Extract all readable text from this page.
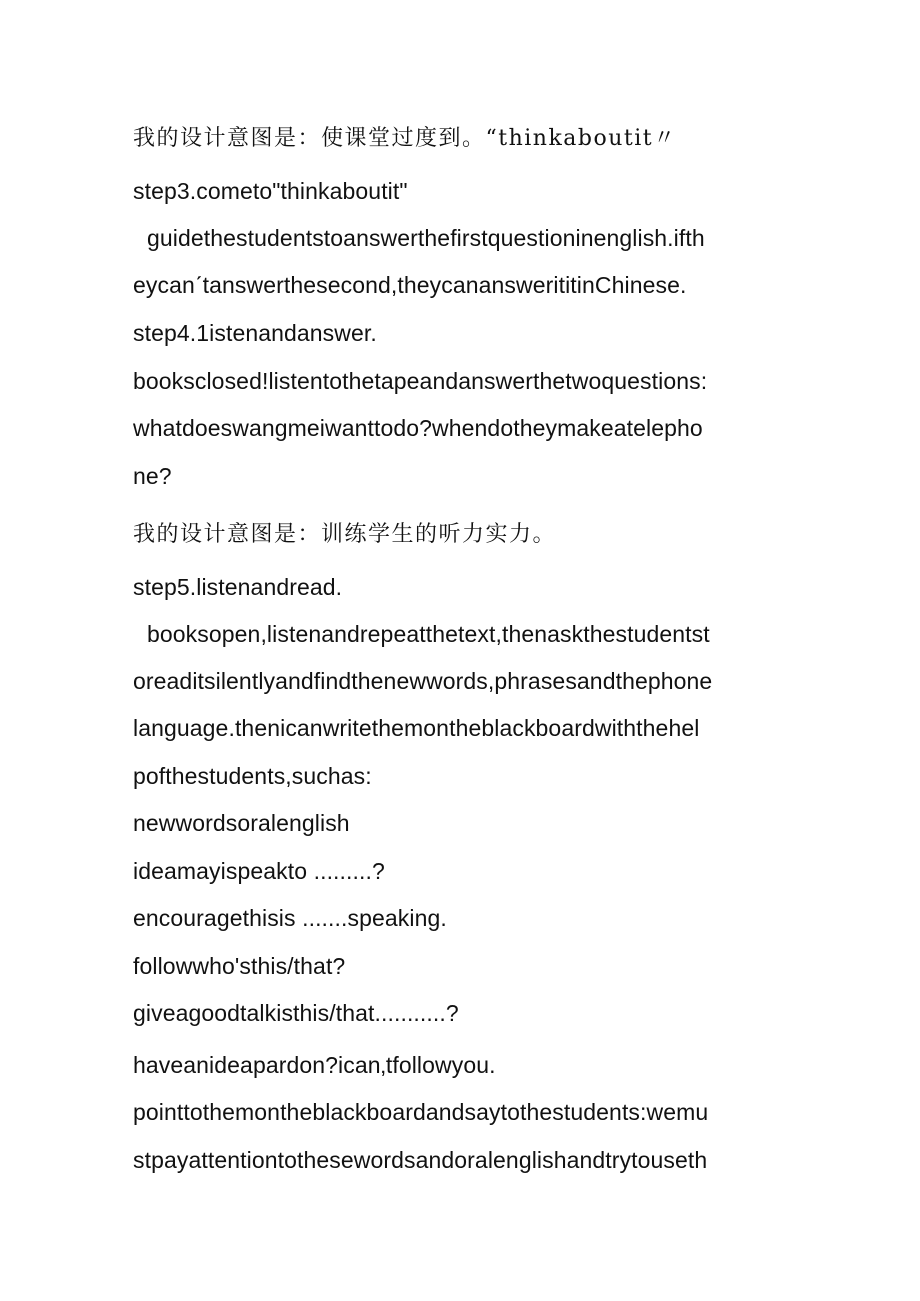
我的设计意图是：使课堂过度到。“thinkaboutit〃
step3.cometo"thinkaboutit"
guidethestudentstoanswerthefirstquestioninenglish.ifth
eycanˊtanswerthesecond,theycananswerititinChinese.
step4.1istenandanswer.
booksclosed!listentothetapeandanswerthetwoquestions:
whatdoeswangmeiwanttodo?whendotheymakeatelepho
ne?
我的设计意图是：训练学生的听力实力。
step5.listenandread.
booksopen,listenandrepeatthetext,thenaskthestudentst
oreaditsilentlyandfindthenewwords,phrasesandthephone
language.thenicanwritethemontheblackboardwiththehel
pofthestudents,suchas:
newwordsoralenglish
ideamayispeakto .........?
encouragethisis .......speaking.
followwho'sthis/that?
giveagoodtalkisthis/that...........?
haveanideapardon?ican‚tfollowyou.
pointtothemontheblackboardandsaytothestudents:wemu
stpayattentiontothesewordsandoralenglishandtrytouseth
